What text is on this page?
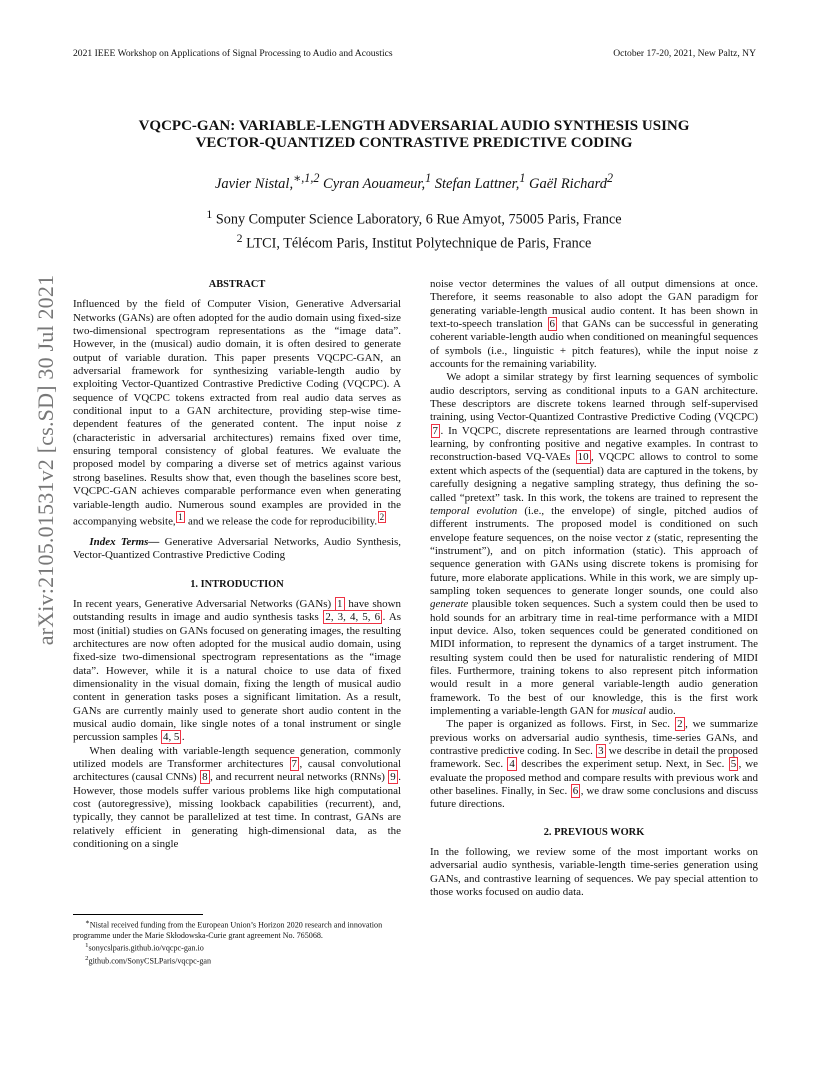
2021 IEEE Workshop on Applications of Signal Processing to Audio and Acoustics	October 17-20, 2021, New Paltz, NY
arXiv:2105.01531v2 [cs.SD] 30 Jul 2021
VQCPC-GAN: VARIABLE-LENGTH ADVERSARIAL AUDIO SYNTHESIS USING
VECTOR-QUANTIZED CONTRASTIVE PREDICTIVE CODING
Javier Nistal,$^{∗,1,2}$ Cyran Aouameur,$^1$ Stefan Lattner,$^1$ Gaël Richard$^2$
$^1$ Sony Computer Science Laboratory, 6 Rue Amyot, 75005 Paris, France
$^2$ LTCI, Télécom Paris, Institut Polytechnique de Paris, France

ABSTRACT

Influenced by the field of Computer Vision, Generative Adversarial Networks (GANs) are often adopted for the audio domain using fixed-size two-dimensional spectrogram representations as the “image data”. However, in the (musical) audio domain, it is often desired to generate output of variable duration. This paper presents VQCPC-GAN, an adversarial framework for synthesizing variable-length audio by exploiting Vector-Quantized Contrastive Predictive Coding (VQCPC). A sequence of VQCPC tokens extracted from real audio data serves as conditional input to a GAN architecture, providing step-wise time-dependent features of the generated content. The input noise z (characteristic in adversarial architectures) remains fixed over time, ensuring temporal consistency of global features. We evaluate the proposed model by comparing a diverse set of metrics against various strong baselines. Results show that, even though the baselines score best, VQCPC-GAN achieves comparable performance even when generating variable-length audio. Numerous sound examples are provided in the accompanying website, $^1$ and we release the code for reproducibility. $^2$

Index Terms— Generative Adversarial Networks, Audio Synthesis, Vector-Quantized Contrastive Predictive Coding

1. INTRODUCTION

In recent years, Generative Adversarial Networks (GANs) 1 have shown outstanding results in image and audio synthesis tasks 2, 3, 4, 5, 6 . As most (initial) studies on GANs focused on generating images, the resulting architectures are now often adopted for the musical audio domain, using fixed-size two-dimensional spectrogram representations as the “image data”. However, while it is a natural choice to use data of fixed dimensionality in the visual domain, fixing the length of musical audio content in generation tasks poses a significant limitation. As a result, GANs are currently mainly used to generate short audio content in the musical audio domain, like single notes of a tonal instrument or single percussion samples 4, 5 .

When dealing with variable-length sequence generation, commonly utilized models are Transformer architectures 7 , causal convolutional architectures (causal CNNs) 8 , and recurrent neural networks (RNNs) 9 . However, those models suffer various problems like high computational cost (autoregressive), missing lookback capabilities (recurrent), and, typically, they cannot be parallelized at test time. In contrast, GANs are relatively efficient in generating high-dimensional data, as the conditioning on a single

∗Nistal received funding from the European Union’s Horizon 2020 research and innovation programme under the Marie Skłodowska-Curie grant agreement No. 765068.

$^1$sonycslparis.github.io/vqcpc-gan.io

$^2$github.com/SonyCSLParis/vqcpc-gan

noise vector determines the values of all output dimensions at once. Therefore, it seems reasonable to also adopt the GAN paradigm for generating variable-length musical audio content. It has been shown in text-to-speech translation 6 that GANs can be successful in generating coherent variable-length audio when conditioned on meaningful sequences of symbols (i.e., linguistic + pitch features), while the input noise z accounts for the remaining variability.

We adopt a similar strategy by first learning sequences of symbolic audio descriptors, serving as conditional inputs to a GAN architecture. These descriptors are discrete tokens learned through self-supervised training, using Vector-Quantized Contrastive Predictive Coding (VQCPC) 7 . In VQCPC, discrete representations are learned through contrastive learning, by confronting positive and negative examples. In contrast to reconstruction-based VQ-VAEs 10 , VQCPC allows to control to some extent which aspects of the (sequential) data are captured in the tokens, by carefully designing a negative sampling strategy, thus defining the so-called “pretext” task. In this work, the tokens are trained to represent the temporal evolution (i.e., the envelope) of single, pitched audios of different instruments. The proposed model is conditioned on such envelope feature sequences, on the noise vector z (static, representing the “instrument”), and on pitch information (static). This approach of sequence generation with GANs using discrete tokens is promising for future, more elaborate applications. While in this work, we are simply up-sampling token sequences to generate longer sounds, one could also generate plausible token sequences. Such a system could then be used to hold sounds for an arbitrary time in real-time performance with a MIDI input device. Also, token sequences could be generated conditioned on MIDI information, to represent the dynamics of a target instrument. The resulting system could then be used for naturalistic rendering of MIDI files. Furthermore, training tokens to also represent pitch information would result in a more general variable-length audio generation framework. To the best of our knowledge, this is the first work implementing a variable-length GAN for musical audio.

The paper is organized as follows. First, in Sec. 2 , we summarize previous works on adversarial audio synthesis, time-series GANs, and contrastive predictive coding. In Sec. 3 we describe in detail the proposed framework. Sec. 4 describes the experiment setup. Next, in Sec. 5 , we evaluate the proposed method and compare results with previous work and other baselines. Finally, in Sec. 6 , we draw some conclusions and discuss future directions.

2. PREVIOUS WORK

In the following, we review some of the most important works on adversarial audio synthesis, variable-length time-series generation using GANs, and contrastive learning of sequences. We pay special attention to those works focused on audio data.
